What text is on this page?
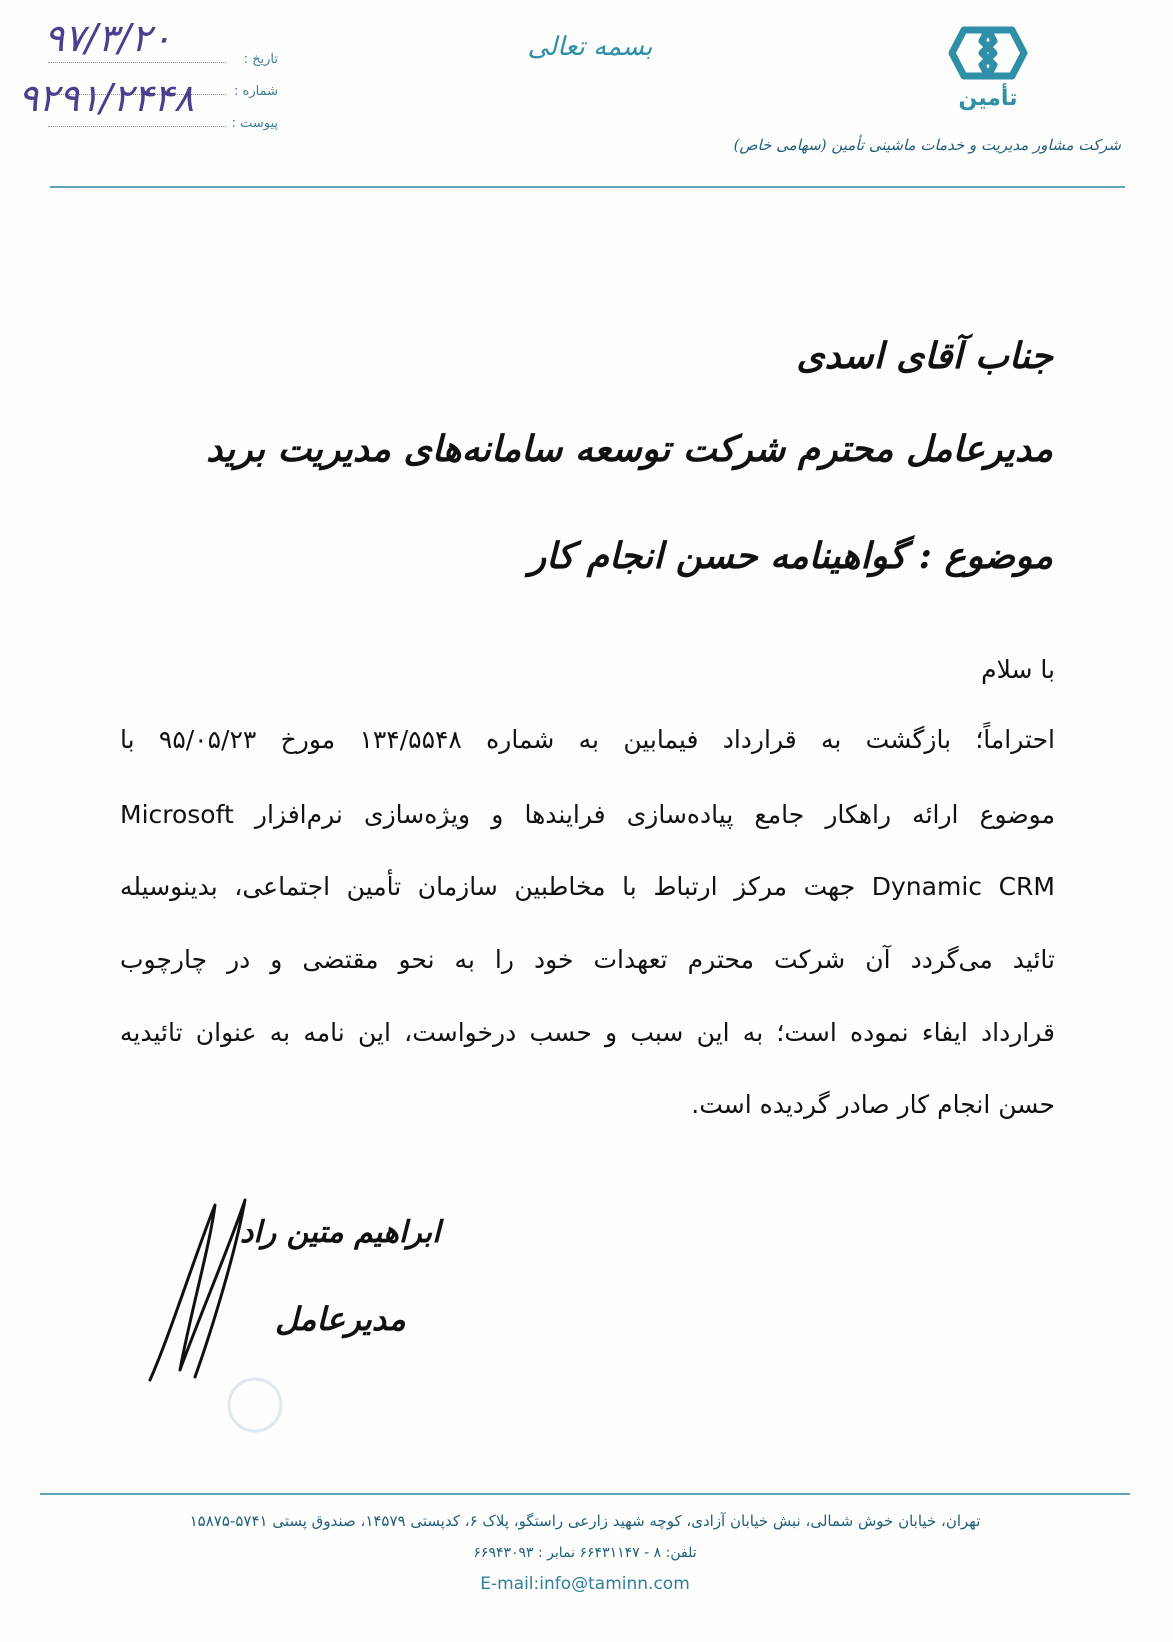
تأمین
شرکت مشاور مدیریت و خدمات ماشینی تأمین (سهامی خاص)
بسمه تعالی
تاریخ :
شماره :
پیوست :
۹۷/۳/۲۰
۹۲۹۱/۲۴۴۸
جناب آقای اسدی
مدیرعامل محترم شرکت توسعه سامانه‌های مدیریت برید
موضوع : گواهینامه حسن انجام کار
با سلام
احتراماً؛ بازگشت به قرارداد فیمابین به شماره ۱۳۴/۵۵۴۸ مورخ ۹۵/۰۵/۲۳ با
موضوع ارائه راهکار جامع پیاده‌سازی فرایندها و ویژه‌سازی نرم‌افزار Microsoft
Dynamic CRM جهت مرکز ارتباط با مخاطبین سازمان تأمین اجتماعی، بدینوسیله
تائید می‌گردد آن شرکت محترم تعهدات خود را به نحو مقتضی و در چارچوب
قرارداد ایفاء نموده است؛ به این سبب و حسب درخواست، این نامه به عنوان تائیدیه
حسن انجام کار صادر گردیده است.
ابراهیم متین راد
مدیرعامل
تهران، خیابان خوش شمالی، نبش خیابان آزادی، کوچه شهید زارعی راستگو، پلاک ۶، کدپستی ۱۴۵۷۹، صندوق پستی ۵۷۴۱-۱۵۸۷۵
تلفن: ۸ - ۶۶۴۳۱۱۴۷ نمابر : ۶۶۹۴۳۰۹۳
E-mail:info@taminn.com
